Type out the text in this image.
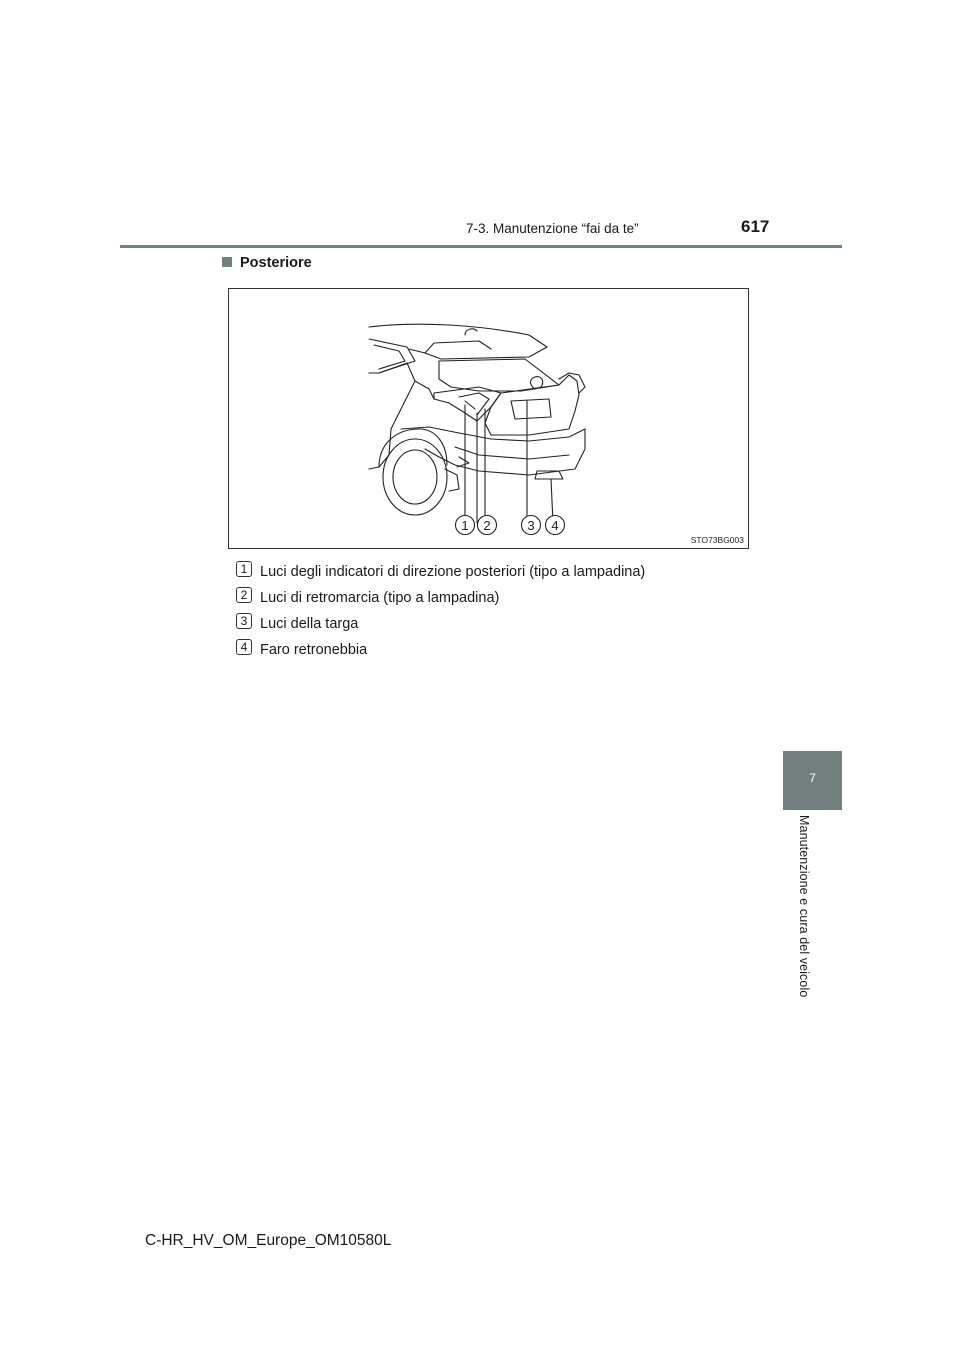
7-3. Manutenzione “fai da te”	617
7
Manutenzione e cura del veicolo
Posteriore
1 2	3 4
STO73BG003
1 Luci degli indicatori di direzione posteriori (tipo a lampadina)
2 Luci di retromarcia (tipo a lampadina)
3 Luci della targa
4 Faro retronebbia
C-HR_HV_OM_Europe_OM10580L
